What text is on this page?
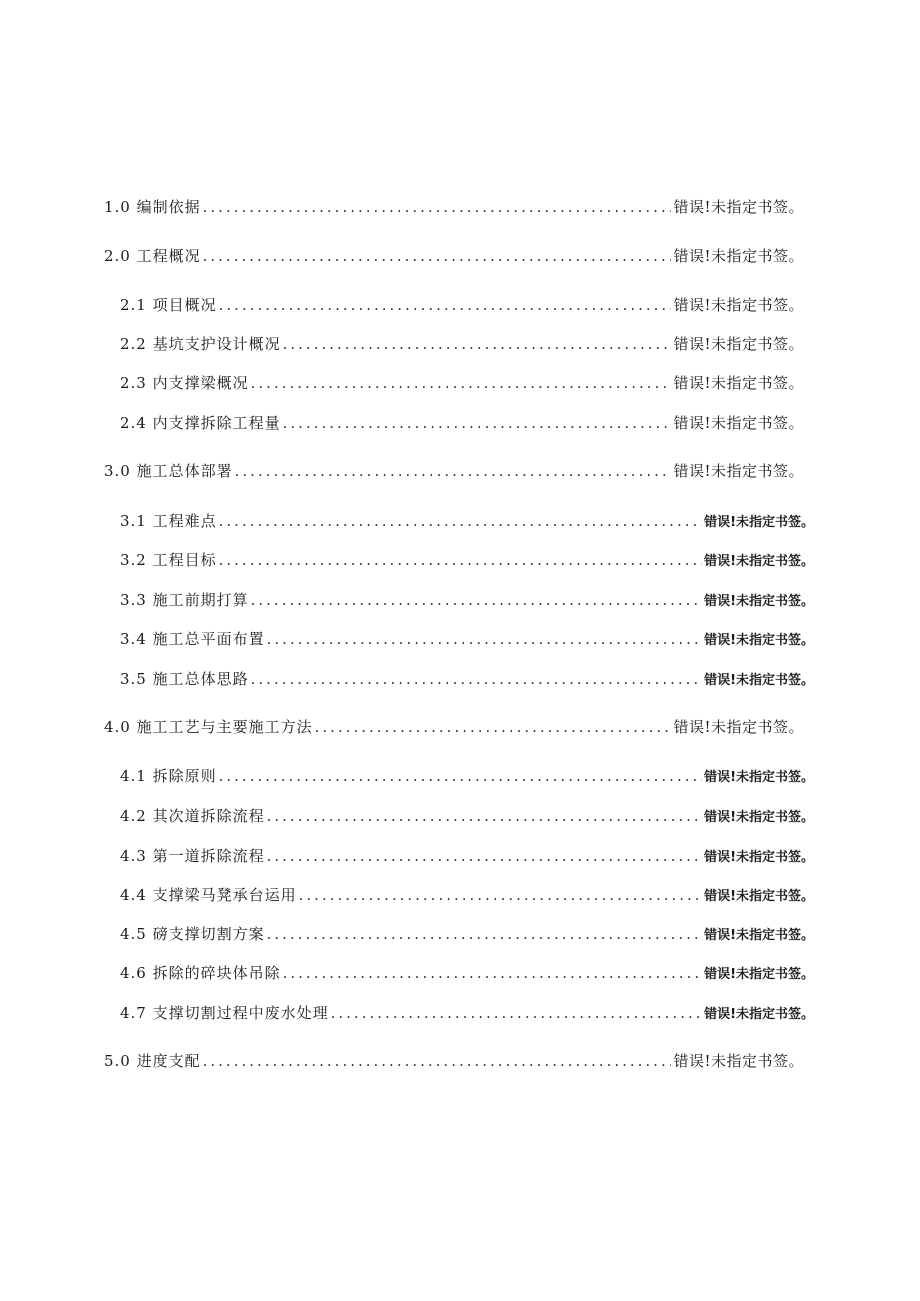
1.0 编制依据 .....	错误!未指定书签。
2.0 工程概况 .....	错误!未指定书签。
2.1 项目概况 .....	错误!未指定书签。
2.2 基坑支护设计概况 .....	错误!未指定书签。
2.3 内支撑梁概况 .....	错误!未指定书签。
2.4 内支撑拆除工程量 .....	错误!未指定书签。
3.0 施工总体部署 .....	错误!未指定书签。
3.1 工程难点 .....	错误!未指定书签。
3.2 工程目标 .....	错误!未指定书签。
3.3 施工前期打算 .....	错误!未指定书签。
3.4 施工总平面布置 .....	错误!未指定书签。
3.5 施工总体思路 .....	错误!未指定书签。
4.0 施工工艺与主要施工方法 .....	错误!未指定书签。
4.1 拆除原则 .....	错误!未指定书签。
4.2 其次道拆除流程 .....	错误!未指定书签。
4.3 第一道拆除流程 .....	错误!未指定书签。
4.4 支撑梁马凳承台运用 .....	错误!未指定书签。
4.5 磅支撑切割方案 .....	错误!未指定书签。
4.6 拆除的碎块体吊除 .....	错误!未指定书签。
4.7 支撑切割过程中废水处理 .....	错误!未指定书签。
5.0 进度支配 .....	错误!未指定书签。
